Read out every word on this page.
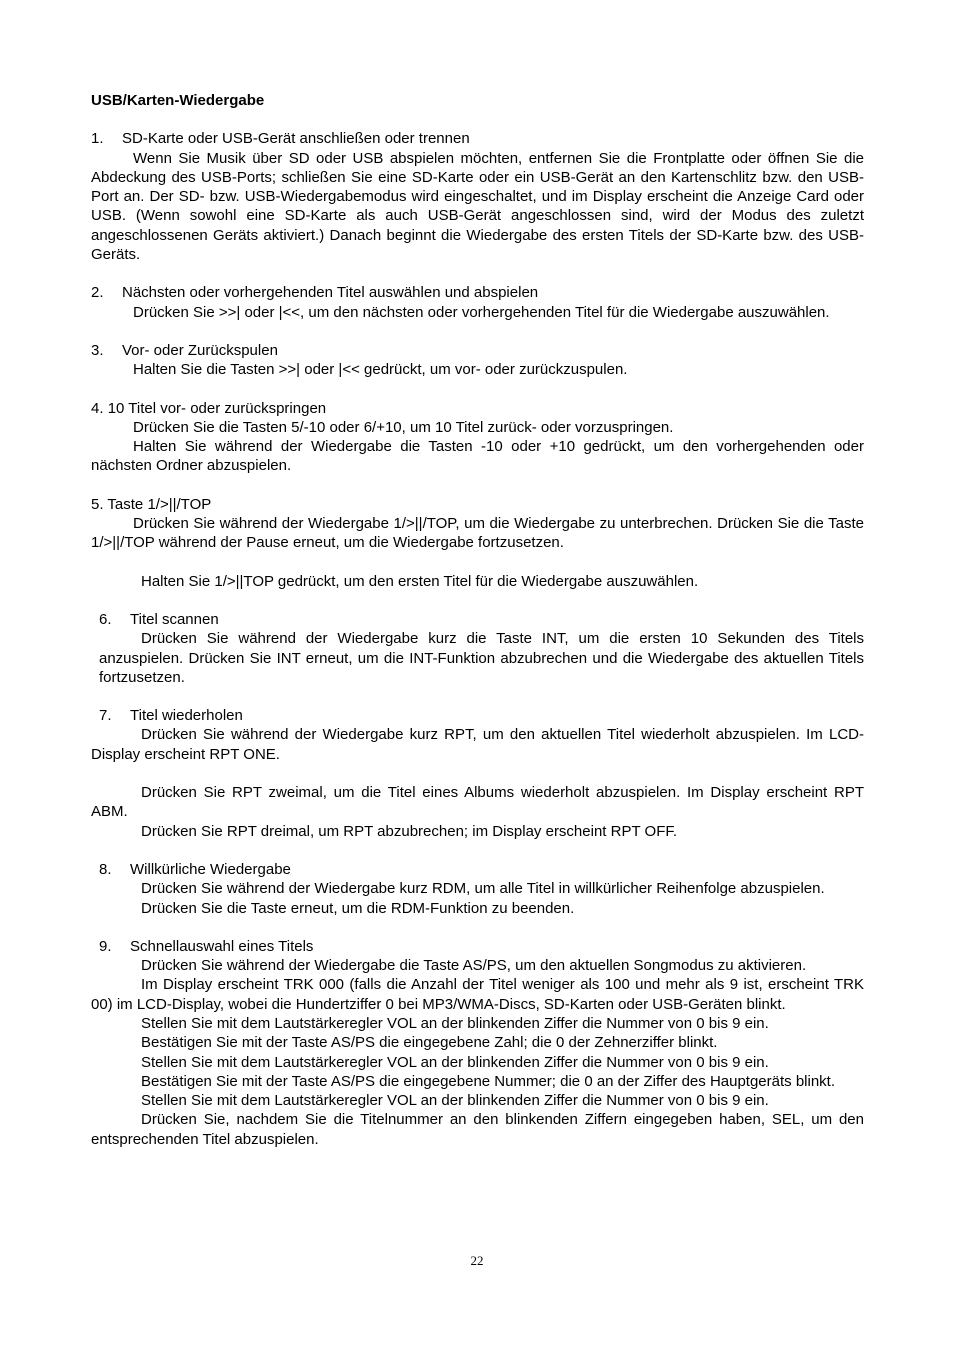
USB/Karten-Wiedergabe
1. SD-Karte oder USB-Gerät anschließen oder trennen

Wenn Sie Musik über SD oder USB abspielen möchten, entfernen Sie die Frontplatte oder öffnen Sie die Abdeckung des USB-Ports; schließen Sie eine SD-Karte oder ein USB-Gerät an den Kartenschlitz bzw. den USB-Port an. Der SD- bzw. USB-Wiedergabemodus wird eingeschaltet, und im Display erscheint die Anzeige Card oder USB. (Wenn sowohl eine SD-Karte als auch USB-Gerät angeschlossen sind, wird der Modus des zuletzt angeschlossenen Geräts aktiviert.) Danach beginnt die Wiedergabe des ersten Titels der SD-Karte bzw. des USB-Geräts.

2. Nächsten oder vorhergehenden Titel auswählen und abspielen

Drücken Sie >>| oder |<<, um den nächsten oder vorhergehenden Titel für die Wiedergabe auszuwählen.

3. Vor- oder Zurückspulen

Halten Sie die Tasten >>| oder |<< gedrückt, um vor- oder zurückzuspulen.

4. 10 Titel vor- oder zurückspringen

Drücken Sie die Tasten 5/-10 oder 6/+10, um 10 Titel zurück- oder vorzuspringen.

Halten Sie während der Wiedergabe die Tasten -10 oder +10 gedrückt, um den vorhergehenden oder nächsten Ordner abzuspielen.

5. Taste 1/>||/TOP

Drücken Sie während der Wiedergabe 1/>||/TOP, um die Wiedergabe zu unterbrechen. Drücken Sie die Taste 1/>||/TOP während der Pause erneut, um die Wiedergabe fortzusetzen.

Halten Sie 1/>||TOP gedrückt, um den ersten Titel für die Wiedergabe auszuwählen.

6. Titel scannen

Drücken Sie während der Wiedergabe kurz die Taste INT, um die ersten 10 Sekunden des Titels anzuspielen. Drücken Sie INT erneut, um die INT-Funktion abzubrechen und die Wiedergabe des aktuellen Titels fortzusetzen.

7. Titel wiederholen

Drücken Sie während der Wiedergabe kurz RPT, um den aktuellen Titel wiederholt abzuspielen. Im LCD-Display erscheint RPT ONE.

Drücken Sie RPT zweimal, um die Titel eines Albums wiederholt abzuspielen. Im Display erscheint RPT ABM.

Drücken Sie RPT dreimal, um RPT abzubrechen; im Display erscheint RPT OFF.

8. Willkürliche Wiedergabe

Drücken Sie während der Wiedergabe kurz RDM, um alle Titel in willkürlicher Reihenfolge abzuspielen.

Drücken Sie die Taste erneut, um die RDM-Funktion zu beenden.

9. Schnellauswahl eines Titels

Drücken Sie während der Wiedergabe die Taste AS/PS, um den aktuellen Songmodus zu aktivieren.

Im Display erscheint TRK 000 (falls die Anzahl der Titel weniger als 100 und mehr als 9 ist, erscheint TRK 00) im LCD-Display, wobei die Hundertziffer 0 bei MP3/WMA-Discs, SD-Karten oder USB-Geräten blinkt.

Stellen Sie mit dem Lautstärkeregler VOL an der blinkenden Ziffer die Nummer von 0 bis 9 ein.

Bestätigen Sie mit der Taste AS/PS die eingegebene Zahl; die 0 der Zehnerziffer blinkt.

Stellen Sie mit dem Lautstärkeregler VOL an der blinkenden Ziffer die Nummer von 0 bis 9 ein.

Bestätigen Sie mit der Taste AS/PS die eingegebene Nummer; die 0 an der Ziffer des Hauptgeräts blinkt.

Stellen Sie mit dem Lautstärkeregler VOL an der blinkenden Ziffer die Nummer von 0 bis 9 ein.

Drücken Sie, nachdem Sie die Titelnummer an den blinkenden Ziffern eingegeben haben, SEL, um den entsprechenden Titel abzuspielen.

22
